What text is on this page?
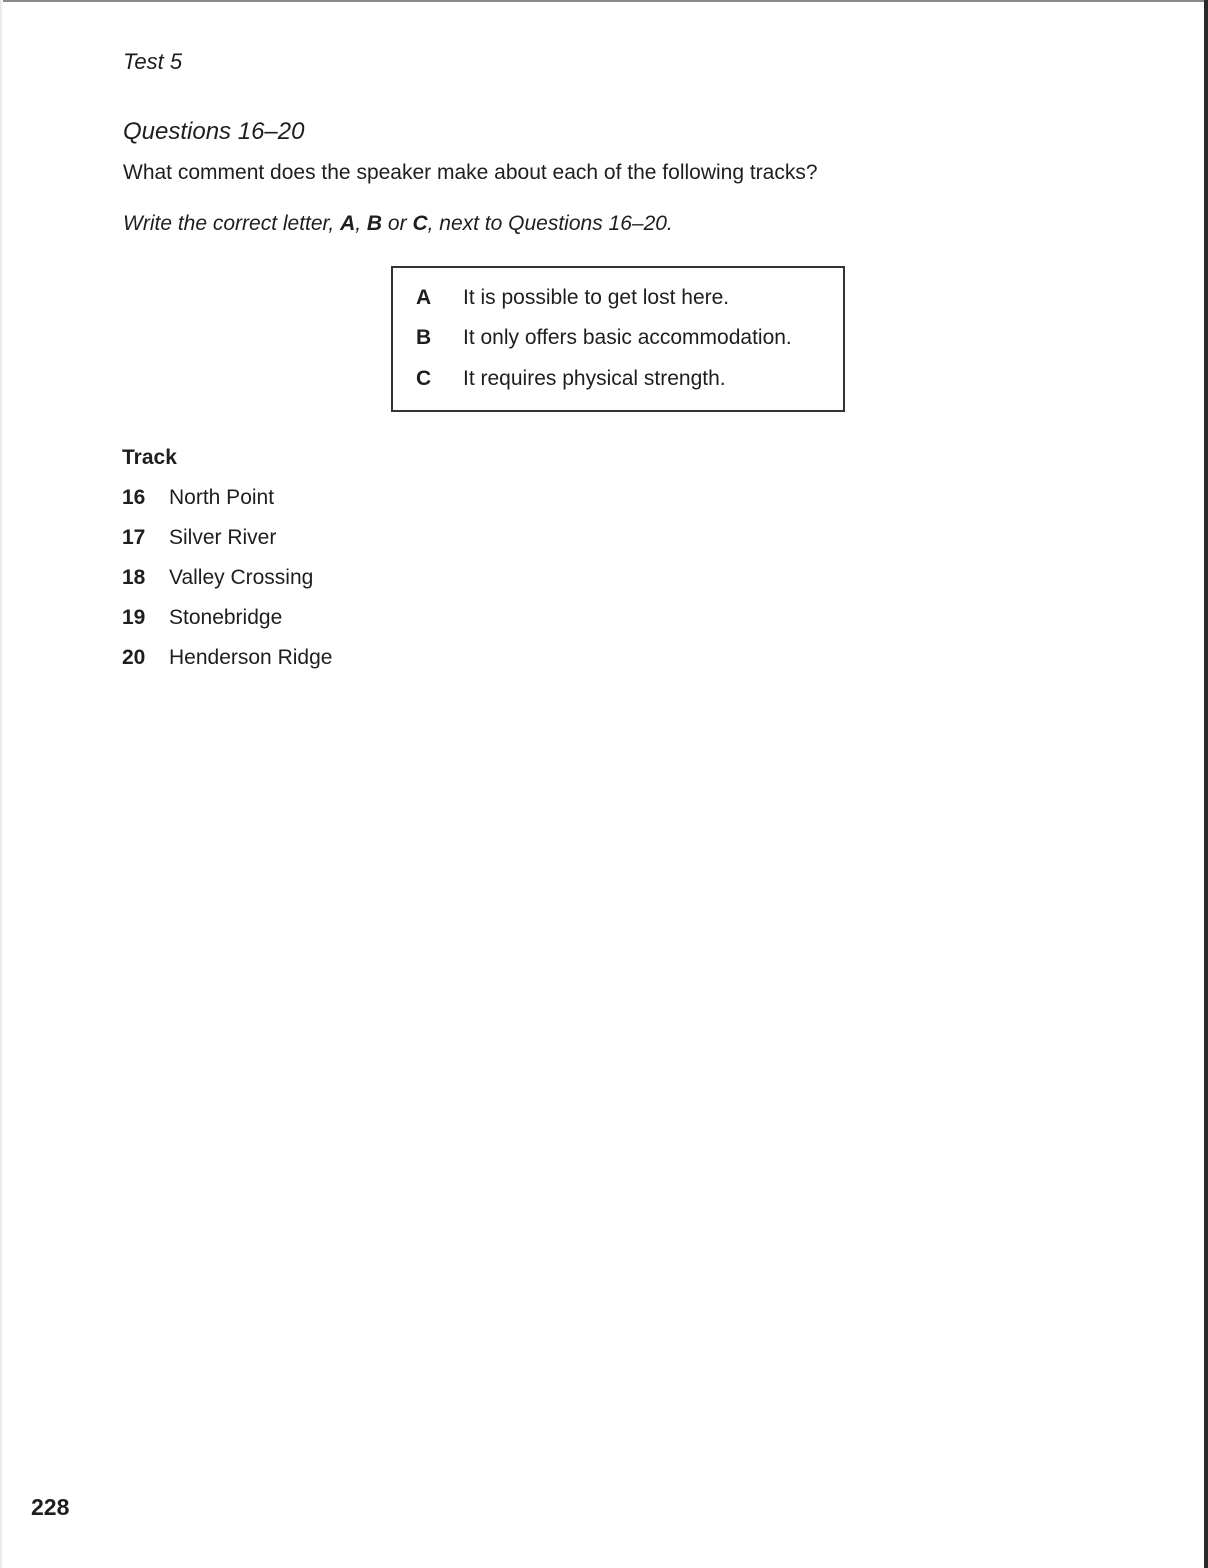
Test 5
Questions 16–20
What comment does the speaker make about each of the following tracks?
Write the correct letter, A, B or C, next to Questions 16–20.
A It is possible to get lost here.
B It only offers basic accommodation.
C It requires physical strength.
Track
16 North Point
17 Silver River
18 Valley Crossing
19 Stonebridge
20 Henderson Ridge
228
